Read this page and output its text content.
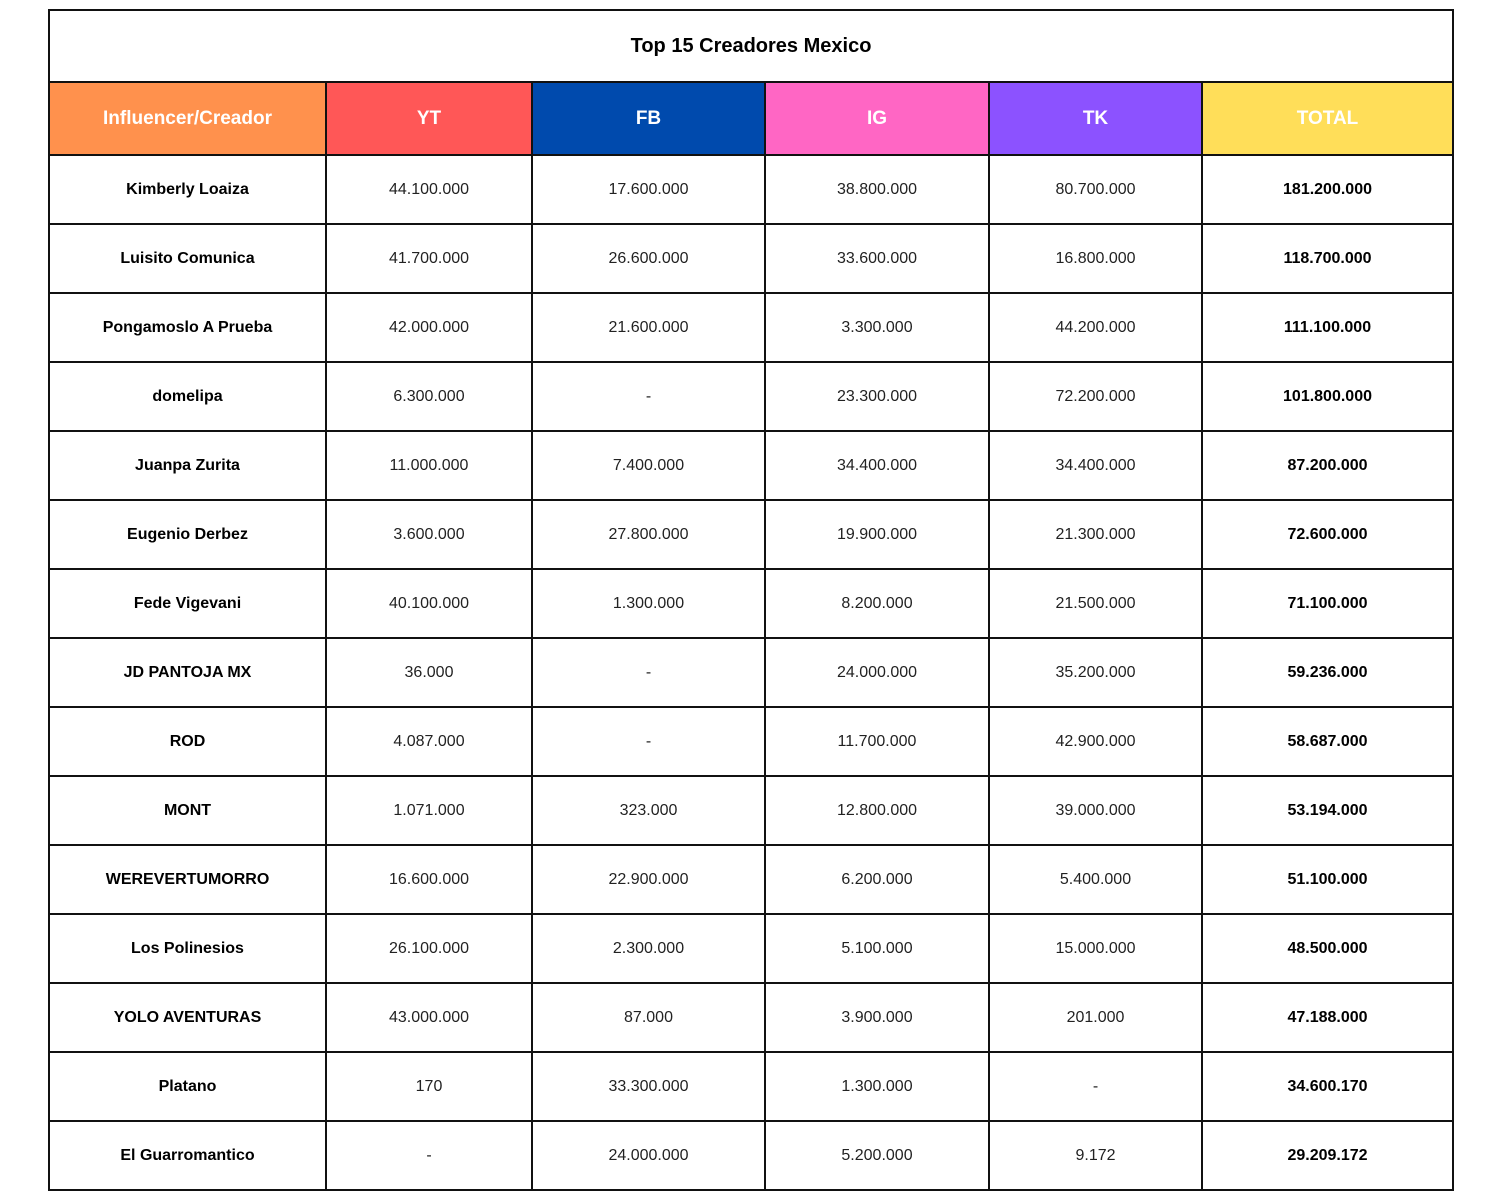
Top 15 Creadores Mexico					
Influencer/Creador	YT	FB	IG	TK	TOTAL
Kimberly Loaiza	44.100.000	17.600.000	38.800.000	80.700.000	181.200.000
Luisito Comunica	41.700.000	26.600.000	33.600.000	16.800.000	118.700.000
Pongamoslo A Prueba	42.000.000	21.600.000	3.300.000	44.200.000	111.100.000
domelipa	6.300.000	-	23.300.000	72.200.000	101.800.000
Juanpa Zurita	11.000.000	7.400.000	34.400.000	34.400.000	87.200.000
Eugenio Derbez	3.600.000	27.800.000	19.900.000	21.300.000	72.600.000
Fede Vigevani	40.100.000	1.300.000	8.200.000	21.500.000	71.100.000
JD PANTOJA MX	36.000	-	24.000.000	35.200.000	59.236.000
ROD	4.087.000	-	11.700.000	42.900.000	58.687.000
MONT	1.071.000	323.000	12.800.000	39.000.000	53.194.000
WEREVERTUMORRO	16.600.000	22.900.000	6.200.000	5.400.000	51.100.000
Los Polinesios	26.100.000	2.300.000	5.100.000	15.000.000	48.500.000
YOLO AVENTURAS	43.000.000	87.000	3.900.000	201.000	47.188.000
Platano	170	33.300.000	1.300.000	-	34.600.170
El Guarromantico	-	24.000.000	5.200.000	9.172	29.209.172
